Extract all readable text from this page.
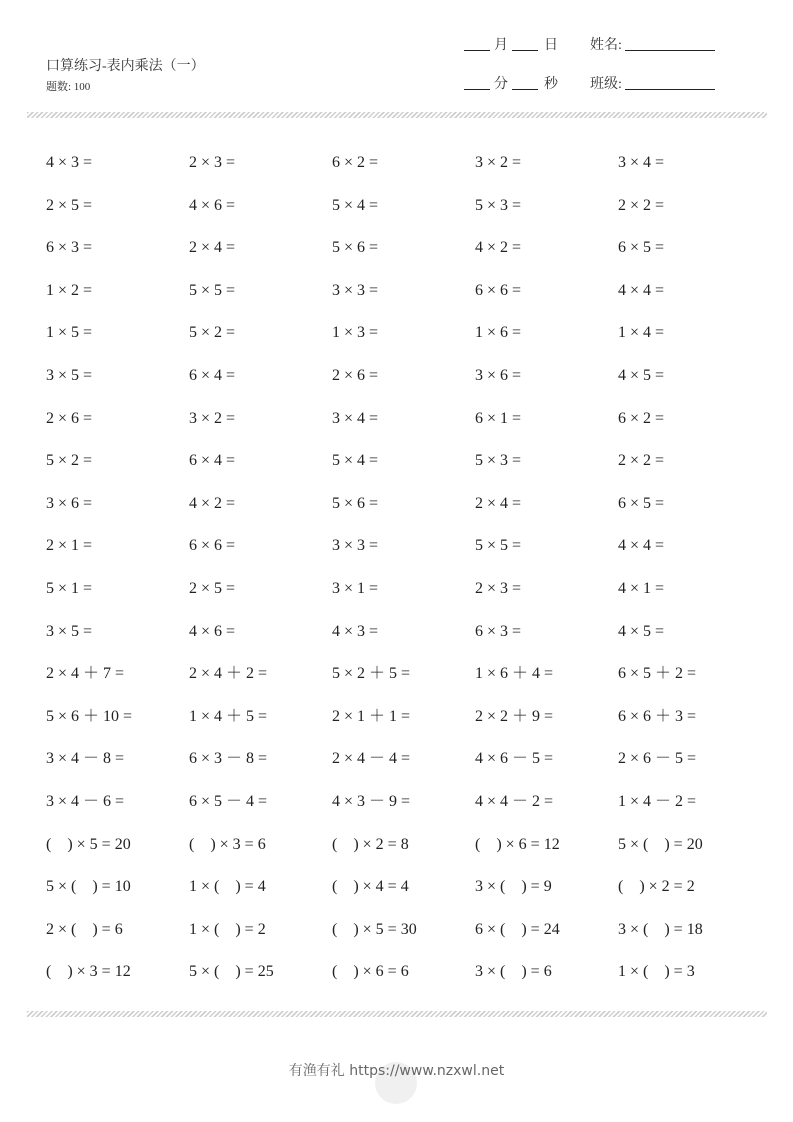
口算练习-表内乘法（一）
题数: 100
月	日 姓名:
分	秒 班级:
4 × 3 =	2 × 3 =	6 × 2 =	3 × 2 =	3 × 4 =
2 × 5 =	4 × 6 =	5 × 4 =	5 × 3 =	2 × 2 =
6 × 3 =	2 × 4 =	5 × 6 =	4 × 2 =	6 × 5 =
1 × 2 =	5 × 5 =	3 × 3 =	6 × 6 =	4 × 4 =
1 × 5 =	5 × 2 =	1 × 3 =	1 × 6 =	1 × 4 =
3 × 5 =	6 × 4 =	2 × 6 =	3 × 6 =	4 × 5 =
2 × 6 =	3 × 2 =	3 × 4 =	6 × 1 =	6 × 2 =
5 × 2 =	6 × 4 =	5 × 4 =	5 × 3 =	2 × 2 =
3 × 6 =	4 × 2 =	5 × 6 =	2 × 4 =	6 × 5 =
2 × 1 =	6 × 6 =	3 × 3 =	5 × 5 =	4 × 4 =
5 × 1 =	2 × 5 =	3 × 1 =	2 × 3 =	4 × 1 =
3 × 5 =	4 × 6 =	4 × 3 =	6 × 3 =	4 × 5 =
2 × 4 ＋ 7 =	2 × 4 ＋ 2 =	5 × 2 ＋ 5 =	1 × 6 ＋ 4 =	6 × 5 ＋ 2 =
5 × 6 ＋ 10 =	1 × 4 ＋ 5 =	2 × 1 ＋ 1 =	2 × 2 ＋ 9 =	6 × 6 ＋ 3 =
3 × 4 － 8 =	6 × 3 － 8 =	2 × 4 － 4 =	4 × 6 － 5 =	2 × 6 － 5 =
3 × 4 － 6 =	6 × 5 － 4 =	4 × 3 － 9 =	4 × 4 － 2 =	1 × 4 － 2 =
(　) × 5 = 20	(　) × 3 = 6	(　) × 2 = 8	(　) × 6 = 12	5 × (　) = 20
5 × (　) = 10	1 × (　) = 4	(　) × 4 = 4	3 × (　) = 9	(　) × 2 = 2
2 × (　) = 6	1 × (　) = 2	(　) × 5 = 30	6 × (　) = 24	3 × (　) = 18
(　) × 3 = 12	5 × (　) = 25	(　) × 6 = 6	3 × (　) = 6	1 × (　) = 3
有渔有礼 https://www.nzxwl.net
